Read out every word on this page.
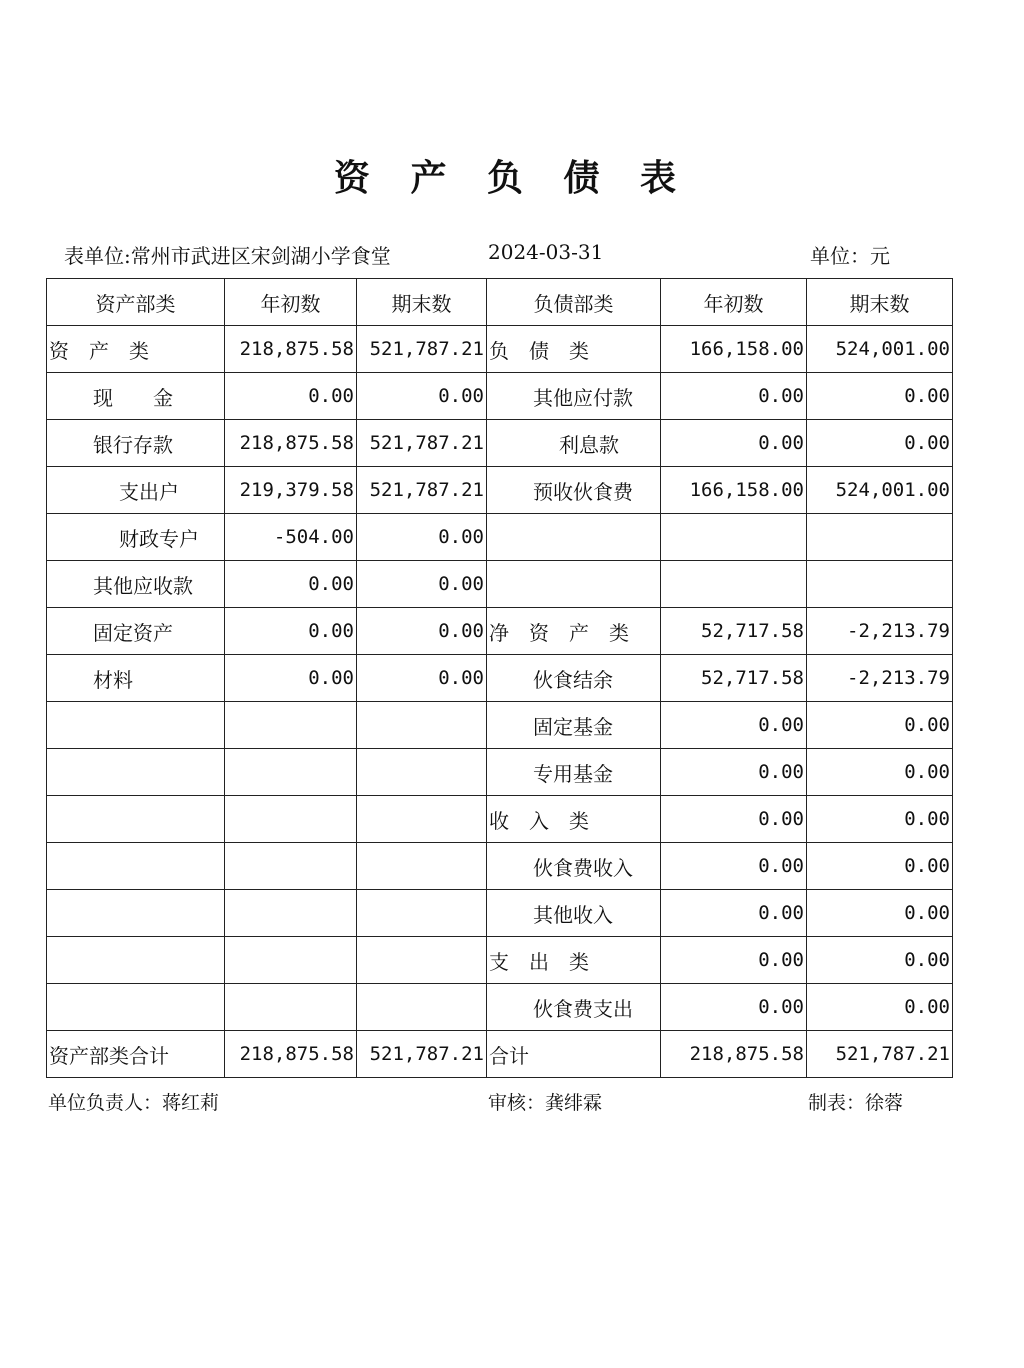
资 产 负 债 表
表单位:常州市武进区宋剑湖小学食堂	2024-03-31	单位：元
资产部类	年初数	期末数	负债部类	年初数	期末数
资　产　类	218,875.58	521,787.21	负　债　类	166,158.00	524,001.00
现　　金	0.00	0.00	其他应付款	0.00	0.00
银行存款	218,875.58	521,787.21	利息款	0.00	0.00
支出户	219,379.58	521,787.21	预收伙食费	166,158.00	524,001.00
财政专户	-504.00	0.00			
其他应收款	0.00	0.00			
固定资产	0.00	0.00	净　资　产　类	52,717.58	-2,213.79
材料	0.00	0.00	伙食结余	52,717.58	-2,213.79
			固定基金	0.00	0.00
			专用基金	0.00	0.00
			收　入　类	0.00	0.00
			伙食费收入	0.00	0.00
			其他收入	0.00	0.00
			支　出　类	0.00	0.00
			伙食费支出	0.00	0.00
资产部类合计	218,875.58	521,787.21	合计	218,875.58	521,787.21
单位负责人：蒋红莉	审核：龚绯霖	制表：徐蓉
